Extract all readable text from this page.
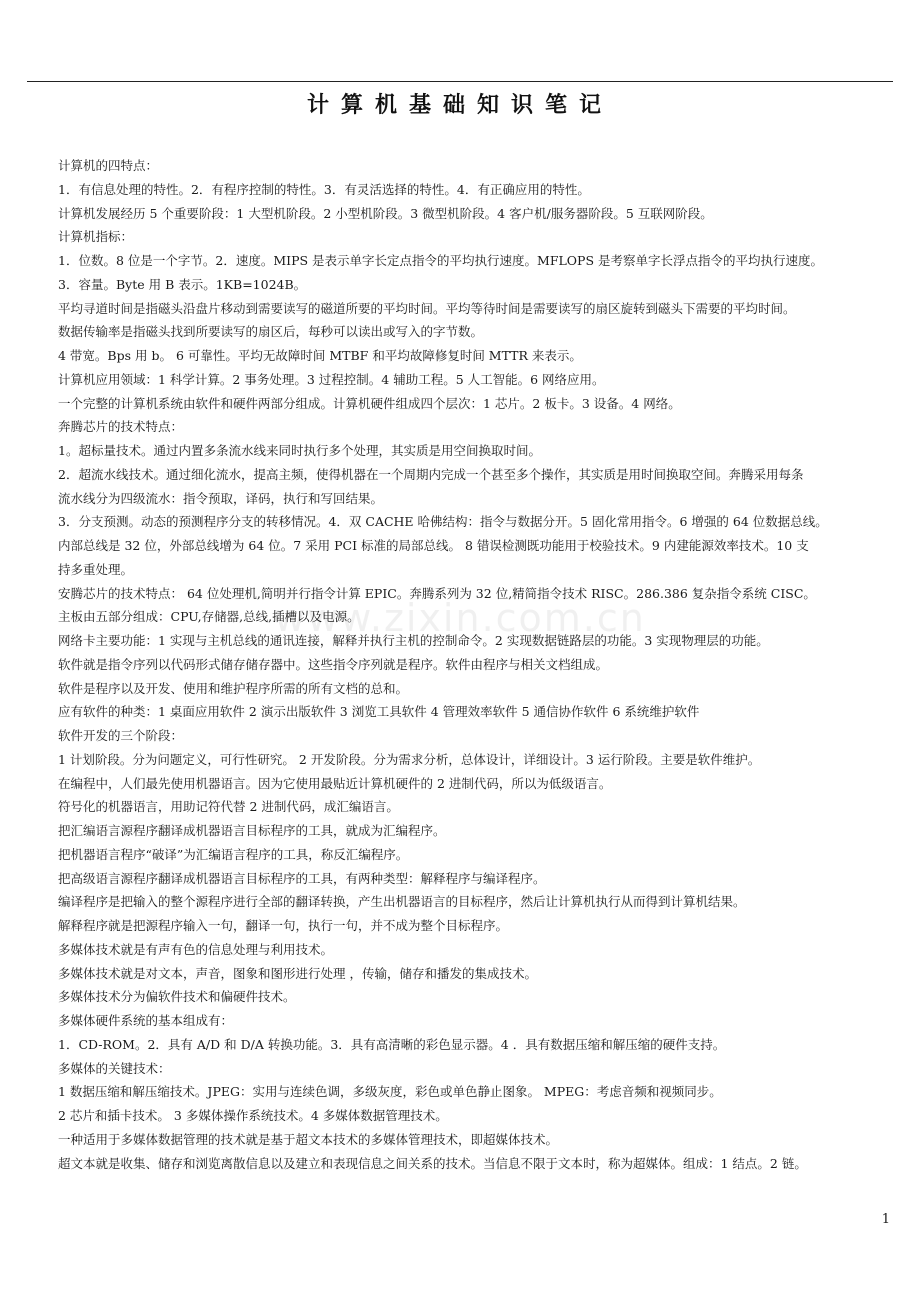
计算机基础知识笔记
www.zixin.com.cn
计算机的四特点：
1．有信息处理的特性。2．有程序控制的特性。3．有灵活选择的特性。4．有正确应用的特性。
计算机发展经历 5 个重要阶段：1 大型机阶段。2 小型机阶段。3 微型机阶段。4 客户机/服务器阶段。5 互联网阶段。
计算机指标：
1．位数。8 位是一个字节。2．速度。MIPS 是表示单字长定点指令的平均执行速度。MFLOPS 是考察单字长浮点指令的平均执行速度。
3．容量。Byte 用 B 表示。1KB=1024B。
平均寻道时间是指磁头沿盘片移动到需要读写的磁道所要的平均时间。平均等待时间是需要读写的扇区旋转到磁头下需要的平均时间。
数据传输率是指磁头找到所要读写的扇区后，每秒可以读出或写入的字节数。
4 带宽。Bps 用 b。 6 可靠性。平均无故障时间 MTBF 和平均故障修复时间 MTTR 来表示。
计算机应用领域：1 科学计算。2 事务处理。3 过程控制。4 辅助工程。5 人工智能。6 网络应用。
一个完整的计算机系统由软件和硬件两部分组成。计算机硬件组成四个层次：1 芯片。2 板卡。3 设备。4 网络。
奔腾芯片的技术特点：
1。超标量技术。通过内置多条流水线来同时执行多个处理，其实质是用空间换取时间。
2．超流水线技术。通过细化流水，提高主频，使得机器在一个周期内完成一个甚至多个操作，其实质是用时间换取空间。奔腾采用每条
流水线分为四级流水：指令预取，译码，执行和写回结果。
3．分支预测。动态的预测程序分支的转移情况。4．双 CACHE 哈佛结构：指令与数据分开。5 固化常用指令。6 增强的 64 位数据总线。
内部总线是 32 位，外部总线增为 64 位。7 采用 PCI 标准的局部总线。 8 错误检测既功能用于校验技术。9 内建能源效率技术。10 支
持多重处理。
安腾芯片的技术特点： 64 位处理机,简明并行指令计算 EPIC。奔腾系列为 32 位,精简指令技术 RISC。286.386 复杂指令系统 CISC。
主板由五部分组成：CPU,存储器,总线,插槽以及电源。
网络卡主要功能：1 实现与主机总线的通讯连接，解释并执行主机的控制命令。2 实现数据链路层的功能。3 实现物理层的功能。
软件就是指令序列以代码形式储存储存器中。这些指令序列就是程序。软件由程序与相关文档组成。
软件是程序以及开发、使用和维护程序所需的所有文档的总和。
应有软件的种类：1 桌面应用软件 2 演示出版软件 3 浏览工具软件 4 管理效率软件 5 通信协作软件 6 系统维护软件
软件开发的三个阶段：
1 计划阶段。分为问题定义，可行性研究。 2 开发阶段。分为需求分析，总体设计，详细设计。3 运行阶段。主要是软件维护。
在编程中，人们最先使用机器语言。因为它使用最贴近计算机硬件的 2 进制代码，所以为低级语言。
符号化的机器语言，用助记符代替 2 进制代码，成汇编语言。
把汇编语言源程序翻译成机器语言目标程序的工具，就成为汇编程序。
把机器语言程序“破译”为汇编语言程序的工具，称反汇编程序。
把高级语言源程序翻译成机器语言目标程序的工具，有两种类型：解释程序与编译程序。
编译程序是把输入的整个源程序进行全部的翻译转换，产生出机器语言的目标程序，然后让计算机执行从而得到计算机结果。
解释程序就是把源程序输入一句，翻译一句，执行一句，并不成为整个目标程序。
多媒体技术就是有声有色的信息处理与利用技术。
多媒体技术就是对文本，声音，图象和图形进行处理 ，传输，储存和播发的集成技术。
多媒体技术分为偏软件技术和偏硬件技术。
多媒体硬件系统的基本组成有：
1．CD-ROM。2．具有 A/D 和 D/A 转换功能。3．具有高清晰的彩色显示器。4 ．具有数据压缩和解压缩的硬件支持。
多媒体的关键技术：
1 数据压缩和解压缩技术。JPEG：实用与连续色调，多级灰度，彩色或单色静止图象。 MPEG：考虑音频和视频同步。
2 芯片和插卡技术。 3 多媒体操作系统技术。4 多媒体数据管理技术。
一种适用于多媒体数据管理的技术就是基于超文本技术的多媒体管理技术，即超媒体技术。
超文本就是收集、储存和浏览离散信息以及建立和表现信息之间关系的技术。当信息不限于文本时，称为超媒体。组成：1 结点。2 链。
1
